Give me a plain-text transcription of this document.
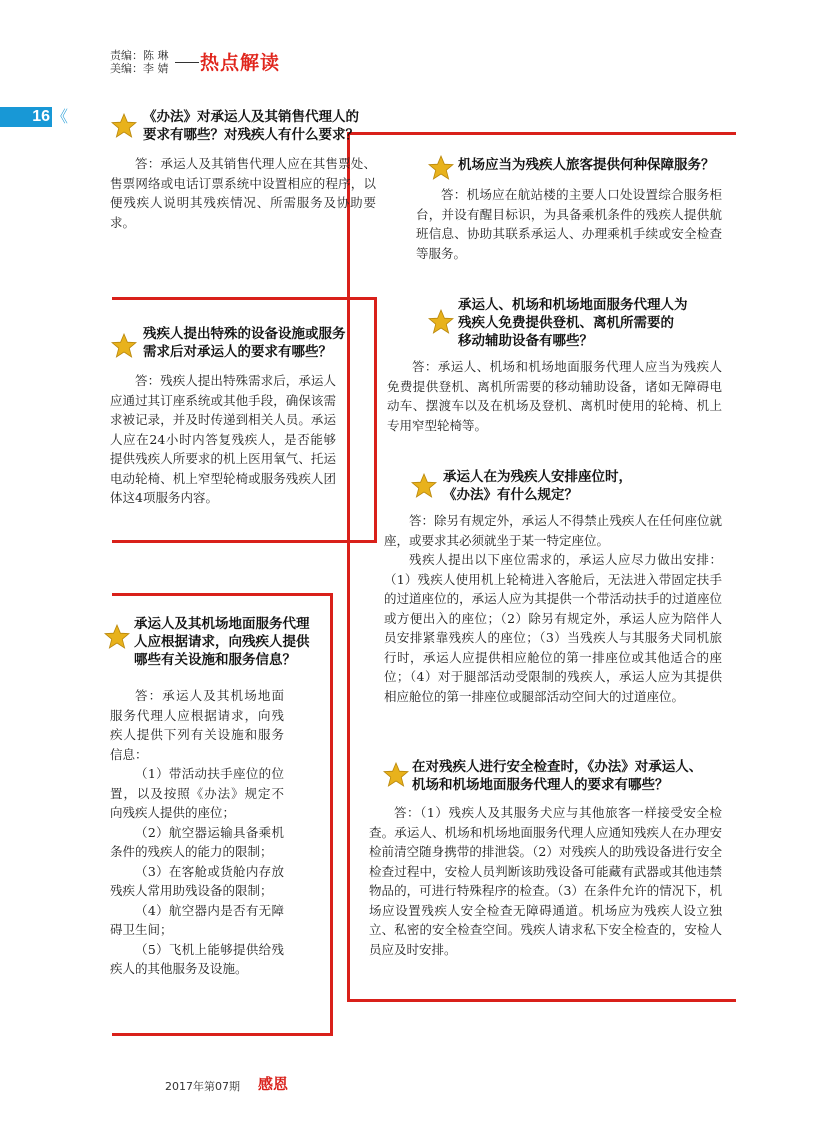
责编：陈 琳
美编：李 婧 热点解读
16 《	《办法》对承运人及其销售代理人的
要求有哪些？对残疾人有什么要求？

答：承运人及其销售代理人应在其售票处、售票网络或电话订票系统中设置相应的程序，以便残疾人说明其残疾情况、所需服务及协助要求。

残疾人提出特殊的设备设施或服务
需求后对承运人的要求有哪些？

答：残疾人提出特殊需求后，承运人应通过其订座系统或其他手段，确保该需求被记录，并及时传递到相关人员。承运人应在24小时内答复残疾人，是否能够提供残疾人所要求的机上医用氧气、托运电动轮椅、机上窄型轮椅或服务残疾人团体这4项服务内容。

承运人及其机场地面服务代理
人应根据请求，向残疾人提供
哪些有关设施和服务信息？

答：承运人及其机场地面服务代理人应根据请求，向残疾人提供下列有关设施和服务信息：

（1）带活动扶手座位的位置，以及按照《办法》规定不向残疾人提供的座位；

（2）航空器运输具备乘机条件的残疾人的能力的限制；

（3）在客舱或货舱内存放残疾人常用助残设备的限制；

（4）航空器内是否有无障碍卫生间；

（5）飞机上能够提供给残疾人的其他服务及设施。

机场应当为残疾人旅客提供何种保障服务？

答：机场应在航站楼的主要人口处设置综合服务柜台，并设有醒目标识，为具备乘机条件的残疾人提供航班信息、协助其联系承运人、办理乘机手续或安全检查等服务。

承运人、机场和机场地面服务代理人为
残疾人免费提供登机、离机所需要的
移动辅助设备有哪些？

答：承运人、机场和机场地面服务代理人应当为残疾人免费提供登机、离机所需要的移动辅助设备，诸如无障碍电动车、摆渡车以及在机场及登机、离机时使用的轮椅、机上专用窄型轮椅等。

承运人在为残疾人安排座位时，
《办法》有什么规定？

答：除另有规定外，承运人不得禁止残疾人在任何座位就座，或要求其必须就坐于某一特定座位。

残疾人提出以下座位需求的，承运人应尽力做出安排：（1）残疾人使用机上轮椅进入客舱后，无法进入带固定扶手的过道座位的，承运人应为其提供一个带活动扶手的过道座位或方便出入的座位；（2）除另有规定外，承运人应为陪伴人员安排紧靠残疾人的座位；（3）当残疾人与其服务犬同机旅行时，承运人应提供相应舱位的第一排座位或其他适合的座位；（4）对于腿部活动受限制的残疾人，承运人应为其提供相应舱位的第一排座位或腿部活动空间大的过道座位。

在对残疾人进行安全检查时，《办法》对承运人、
机场和机场地面服务代理人的要求有哪些？

答：（1）残疾人及其服务犬应与其他旅客一样接受安全检查。承运人、机场和机场地面服务代理人应通知残疾人在办理安检前清空随身携带的排泄袋。（2）对残疾人的助残设备进行安全检查过程中，安检人员判断该助残设备可能藏有武器或其他违禁物品的，可进行特殊程序的检查。（3）在条件允许的情况下，机场应设置残疾人安全检查无障碍通道。机场应为残疾人设立独立、私密的安全检查空间。残疾人请求私下安全检查的，安检人员应及时安排。

2017年第07期 感恩
